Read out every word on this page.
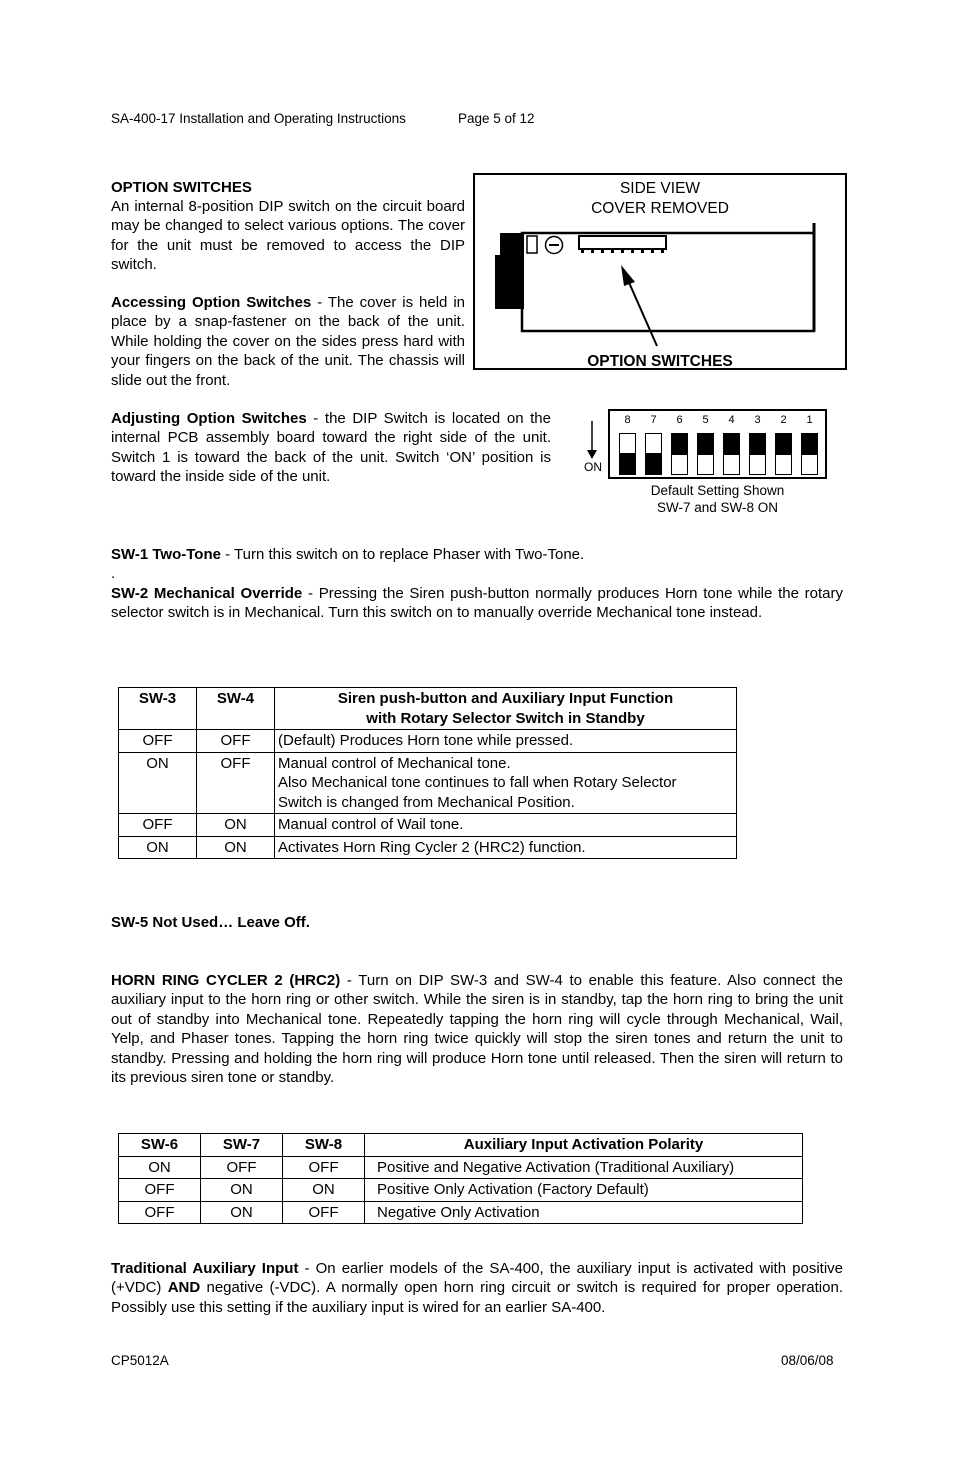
SA-400-17 Installation and Operating Instructions	Page 5 of 12
OPTION SWITCHES
An internal 8-position DIP switch on the circuit board may be changed to select various options. The cover for the unit must be removed to access the DIP switch.
Accessing Option Switches - The cover is held in place by a snap-fastener on the back of the unit. While holding the cover on the sides press hard with your fingers on the back of the unit. The chassis will slide out the front.
SIDE VIEW
COVER REMOVED
OPTION SWITCHES
Adjusting Option Switches - the DIP Switch is located on the internal PCB assembly board toward the right side of the unit. Switch 1 is toward the back of the unit. Switch ‘ON’ position is toward the inside side of the unit.
ON
8	7	6	5	4	3	2	1
Default Setting Shown
SW-7 and SW-8 ON
SW-1 Two-Tone - Turn this switch on to replace Phaser with Two-Tone.
.
SW-2 Mechanical Override - Pressing the Siren push-button normally produces Horn tone while the rotary selector switch is in Mechanical. Turn this switch on to manually override Mechanical tone instead.
SW-3	SW-4	Siren push-button and Auxiliary Input Function
with Rotary Selector Switch in Standby

OFF	OFF	(Default) Produces Horn tone while pressed.
ON	OFF	Manual control of Mechanical tone.
Also Mechanical tone continues to fall when Rotary Selector
Switch is changed from Mechanical Position.

OFF	ON	Manual control of Wail tone.
ON	ON	Activates Horn Ring Cycler 2 (HRC2) function.
SW-5 Not Used… Leave Off.
HORN RING CYCLER 2 (HRC2) - Turn on DIP SW-3 and SW-4 to enable this feature. Also connect the auxiliary input to the horn ring or other switch. While the siren is in standby, tap the horn ring to bring the unit out of standby into Mechanical tone. Repeatedly tapping the horn ring will cycle through Mechanical, Wail, Yelp, and Phaser tones. Tapping the horn ring twice quickly will stop the siren tones and return the unit to standby. Pressing and holding the horn ring will produce Horn tone until released. Then the siren will return to its previous siren tone or standby.
SW-6	SW-7	SW-8	Auxiliary Input Activation Polarity
ON	OFF	OFF	Positive and Negative Activation (Traditional Auxiliary)
OFF	ON	ON	Positive Only Activation (Factory Default)
OFF	ON	OFF	Negative Only Activation
Traditional Auxiliary Input - On earlier models of the SA-400, the auxiliary input is activated with positive (+VDC) AND negative (-VDC). A normally open horn ring circuit or switch is required for proper operation. Possibly use this setting if the auxiliary input is wired for an earlier SA-400.
CP5012A	08/06/08
